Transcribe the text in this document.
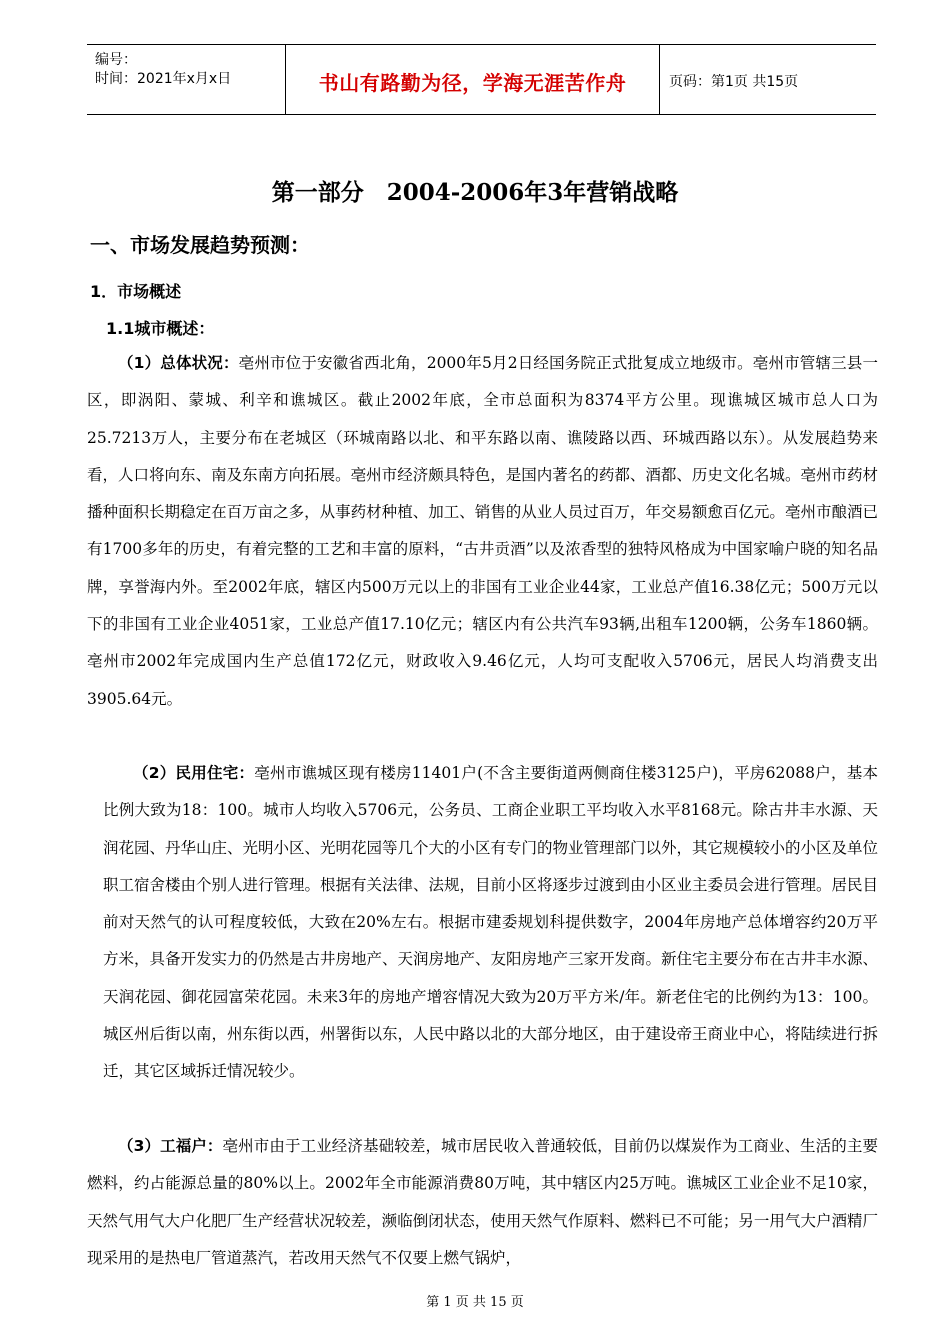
编号：
时间：2021年x月x日	书山有路勤为径，学海无涯苦作舟	页码：第1页 共15页
第一部分　2004-2006年3年营销战略
一、市场发展趋势预测：
1．市场概述
1.1城市概述：

（1）总体状况：亳州市位于安徽省西北角，2000年5月2日经国务院正式批复成立地级市。亳州市管辖三县一区，即涡阳、蒙城、利辛和谯城区。截止2002年底，全市总面积为8374平方公里。现谯城区城市总人口为25.7213万人，主要分布在老城区（环城南路以北、和平东路以南、谯陵路以西、环城西路以东）。从发展趋势来看，人口将向东、南及东南方向拓展。亳州市经济颇具特色，是国内著名的药都、酒都、历史文化名城。亳州市药材播种面积长期稳定在百万亩之多，从事药材种植、加工、销售的从业人员过百万，年交易额愈百亿元。亳州市酿酒已有1700多年的历史，有着完整的工艺和丰富的原料，“古井贡酒”以及浓香型的独特风格成为中国家喻户晓的知名品牌，享誉海内外。至2002年底，辖区内500万元以上的非国有工业企业44家，工业总产值16.38亿元；500万元以下的非国有工业企业4051家，工业总产值17.10亿元；辖区内有公共汽车93辆,出租车1200辆，公务车1860辆。亳州市2002年完成国内生产总值172亿元，财政收入9.46亿元，人均可支配收入5706元，居民人均消费支出3905.64元。

（2）民用住宅：亳州市谯城区现有楼房11401户(不含主要街道两侧商住楼3125户)，平房62088户，基本比例大致为18：100。城市人均收入5706元，公务员、工商企业职工平均收入水平8168元。除古井丰水源、天润花园、丹华山庄、光明小区、光明花园等几个大的小区有专门的物业管理部门以外，其它规模较小的小区及单位职工宿舍楼由个别人进行管理。根据有关法律、法规，目前小区将逐步过渡到由小区业主委员会进行管理。居民目前对天然气的认可程度较低，大致在20%左右。根据市建委规划科提供数字，2004年房地产总体增容约20万平方米，具备开发实力的仍然是古井房地产、天润房地产、友阳房地产三家开发商。新住宅主要分布在古井丰水源、天润花园、御花园富荣花园。未来3年的房地产增容情况大致为20万平方米/年。新老住宅的比例约为13：100。城区州后街以南，州东街以西，州署街以东，人民中路以北的大部分地区，由于建设帝王商业中心，将陆续进行拆迁，其它区域拆迁情况较少。

（3）工福户：亳州市由于工业经济基础较差，城市居民收入普通较低，目前仍以煤炭作为工商业、生活的主要燃料，约占能源总量的80%以上。2002年全市能源消费80万吨，其中辖区内25万吨。谯城区工业企业不足10家，天然气用气大户化肥厂生产经营状况较差，濒临倒闭状态，使用天然气作原料、燃料已不可能；另一用气大户酒精厂现采用的是热电厂管道蒸汽，若改用天然气不仅要上燃气锅炉，

第 1 页 共 15 页
